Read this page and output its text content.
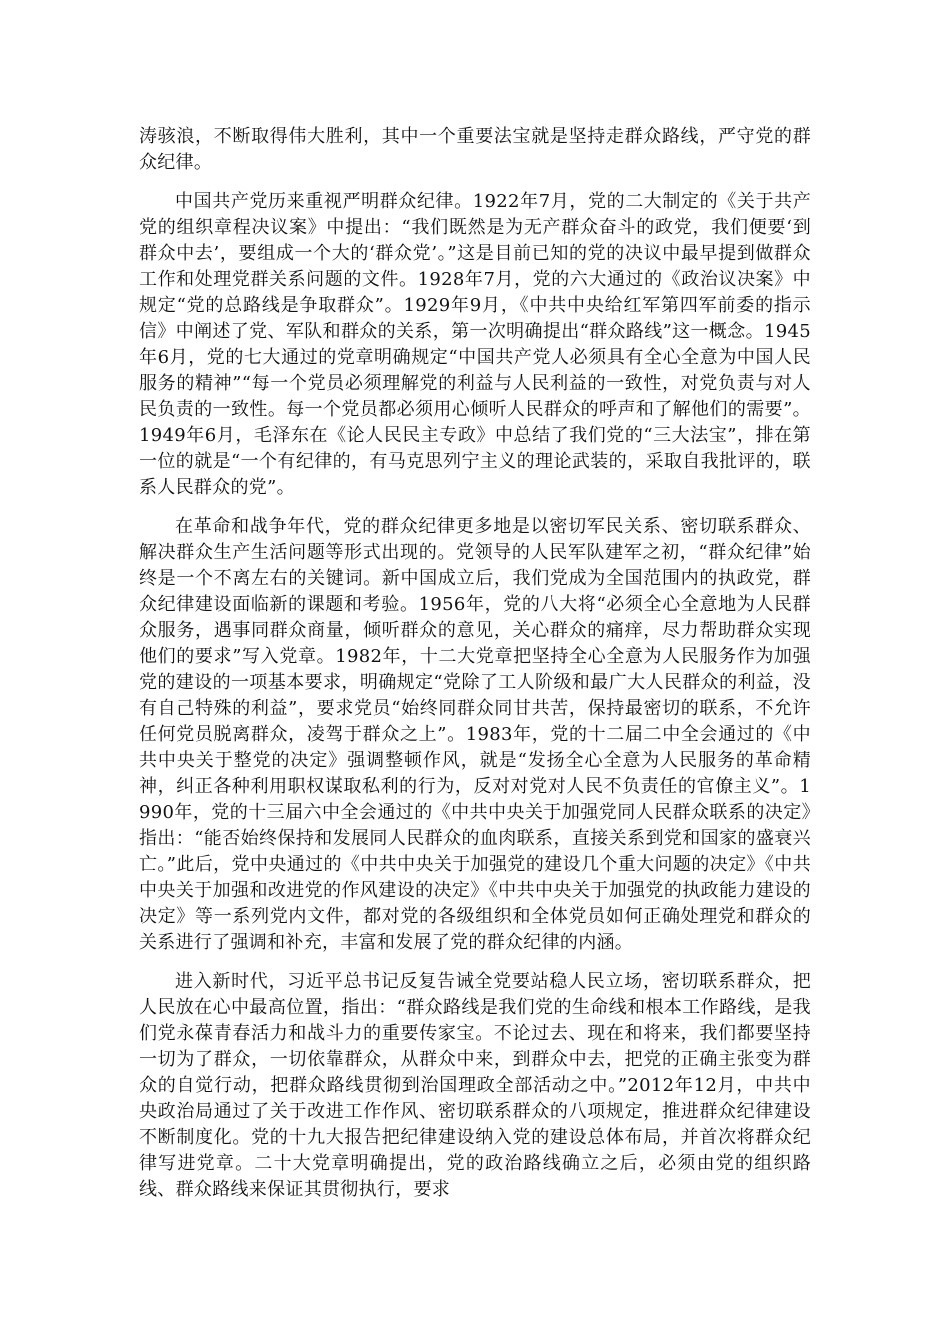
涛骇浪，不断取得伟大胜利，其中一个重要法宝就是坚持走群众路线，严守党的群众纪律。

中国共产党历来重视严明群众纪律。1922年7月，党的二大制定的《关于共产党的组织章程决议案》中提出：“我们既然是为无产群众奋斗的政党，我们便要‘到群众中去’，要组成一个大的‘群众党’。”这是目前已知的党的决议中最早提到做群众工作和处理党群关系问题的文件。1928年7月，党的六大通过的《政治议决案》中规定“党的总路线是争取群众”。1929年9月，《中共中央给红军第四军前委的指示信》中阐述了党、军队和群众的关系，第一次明确提出“群众路线”这一概念。1945年6月，党的七大通过的党章明确规定“中国共产党人必须具有全心全意为中国人民服务的精神”“每一个党员必须理解党的利益与人民利益的一致性，对党负责与对人民负责的一致性。每一个党员都必须用心倾听人民群众的呼声和了解他们的需要”。1949年6月，毛泽东在《论人民民主专政》中总结了我们党的“三大法宝”，排在第一位的就是“一个有纪律的，有马克思列宁主义的理论武装的，采取自我批评的，联系人民群众的党”。

在革命和战争年代，党的群众纪律更多地是以密切军民关系、密切联系群众、解决群众生产生活问题等形式出现的。党领导的人民军队建军之初，“群众纪律”始终是一个不离左右的关键词。新中国成立后，我们党成为全国范围内的执政党，群众纪律建设面临新的课题和考验。1956年，党的八大将“必须全心全意地为人民群众服务，遇事同群众商量，倾听群众的意见，关心群众的痛痒，尽力帮助群众实现他们的要求”写入党章。1982年，十二大党章把坚持全心全意为人民服务作为加强党的建设的一项基本要求，明确规定“党除了工人阶级和最广大人民群众的利益，没有自己特殊的利益”，要求党员“始终同群众同甘共苦，保持最密切的联系，不允许任何党员脱离群众，凌驾于群众之上”。1983年，党的十二届二中全会通过的《中共中央关于整党的决定》强调整顿作风，就是“发扬全心全意为人民服务的革命精神，纠正各种利用职权谋取私利的行为，反对对党对人民不负责任的官僚主义”。1990年，党的十三届六中全会通过的《中共中央关于加强党同人民群众联系的决定》指出：“能否始终保持和发展同人民群众的血肉联系，直接关系到党和国家的盛衰兴亡。”此后，党中央通过的《中共中央关于加强党的建设几个重大问题的决定》《中共中央关于加强和改进党的作风建设的决定》《中共中央关于加强党的执政能力建设的决定》等一系列党内文件，都对党的各级组织和全体党员如何正确处理党和群众的关系进行了强调和补充，丰富和发展了党的群众纪律的内涵。

进入新时代，习近平总书记反复告诫全党要站稳人民立场，密切联系群众，把人民放在心中最高位置，指出：“群众路线是我们党的生命线和根本工作路线，是我们党永葆青春活力和战斗力的重要传家宝。不论过去、现在和将来，我们都要坚持一切为了群众，一切依靠群众，从群众中来，到群众中去，把党的正确主张变为群众的自觉行动，把群众路线贯彻到治国理政全部活动之中。”2012年12月，中共中央政治局通过了关于改进工作作风、密切联系群众的八项规定，推进群众纪律建设不断制度化。党的十九大报告把纪律建设纳入党的建设总体布局，并首次将群众纪律写进党章。二十大党章明确提出，党的政治路线确立之后，必须由党的组织路线、群众路线来保证其贯彻执行，要求
